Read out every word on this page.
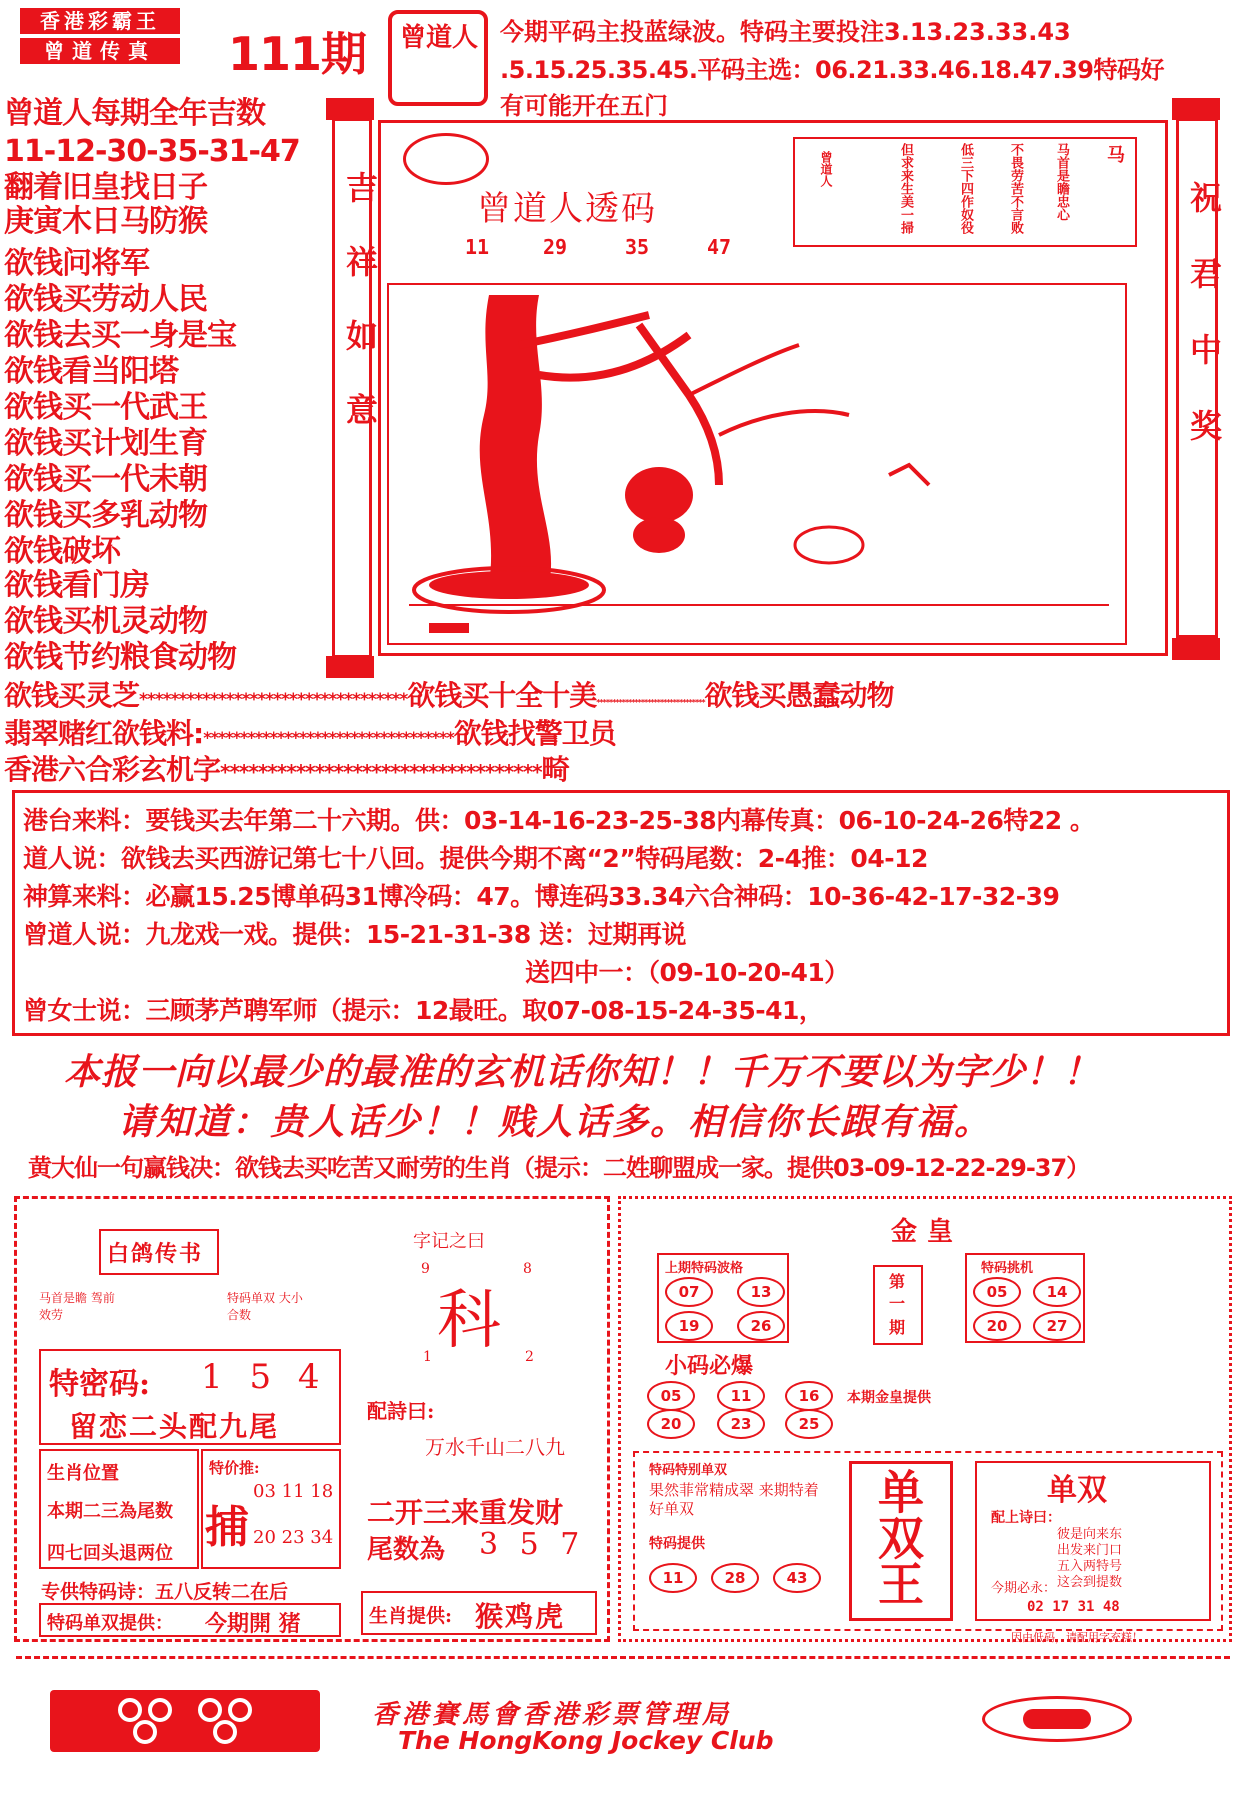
香港彩霸王
曾道传真	111期 曾道人 今期平码主投蓝绿波。特码主要投注3.13.23.33.43
.5.15.25.35.45.平码主选：06.21.33.46.18.47.39特码好
有可能开在五门
曾道人每期全年吉数
11-12-30-35-31-47
翻着旧皇找日子
庚寅木日马防猴
欲钱问将军
欲钱买劳动人民
欲钱去买一身是宝
欲钱看当阳塔
欲钱买一代武王
欲钱买计划生育
欲钱买一代未朝
欲钱买多乳动物
欲钱破坏
欲钱看门房
欲钱买机灵动物
欲钱节约粮食动物
吉祥如意	曾道人透码
11	29	35	47
马
马首是瞻忠心
不畏劳苦不言败
低三下四作奴役
但求来生美一掃
曾道人
祝君中奖
欲钱买灵芝**********************************欲钱买十全十美**********************************欲钱买愚蠢动物
翡翠赌红欲钱料:**********************************欲钱找警卫员
香港六合彩玄机字**********************************畸
港台来料：要钱买去年第二十六期。供：03-14-16-23-25-38内幕传真：06-10-24-26特22 。
道人说：欲钱去买西游记第七十八回。提供今期不离“2”特码尾数：2-4推：04-12
神算来料：必赢15.25博单码31博冷码：47。博连码33.34六合神码：10-36-42-17-32-39
曾道人说：九龙戏一戏。提供：15-21-31-38 送：过期再说
送四中一：（09-10-20-41）
曾女士说：三顾茅芦聘军师（提示：12最旺。取07-08-15-24-35-41，
本报一向以最少的最准的玄机话你知！！千万不要以为字少！！
请知道：贵人话少！！贱人话多。相信你长跟有福。
黄大仙一句赢钱决：欲钱去买吃苦又耐劳的生肖（提示：二姓聊盟成一家。提供03-09-12-22-29-37）
白鸽传书
马首是瞻 驾前效劳
特码单双 大小合数
特密码: 1 5 4
留恋二头配九尾
生肖位置
本期二三為尾数
四七回头退两位
特价推:
捕
03 11 18
20 23 34
专供特码诗：五八反转二在后
特码单双提供： 今期開 猪
字记之曰
9	8
科
1	2
配詩曰:
万水千山二八九
二开三来重发财
尾数為 3 5 7
生肖提供: 猴鸡虎
金皇
上期特码波格
07	13
19	26
第
一
期
特码挑机
05	14
20	27
小码必爆
05	11	16
20	23	25
本期金皇提供
特码特别单双
果然菲常精成翠 来期特着好单双
特码提供
11	28	43 单双王	单双
配上诗曰：
彼是向来东
出发来门口
五入两特号
这会到提数
今期必永：
02 17 31 48
因由低码，请配用字充糕！
香港賽馬會香港彩票管理局
The HongKong Jockey Club
